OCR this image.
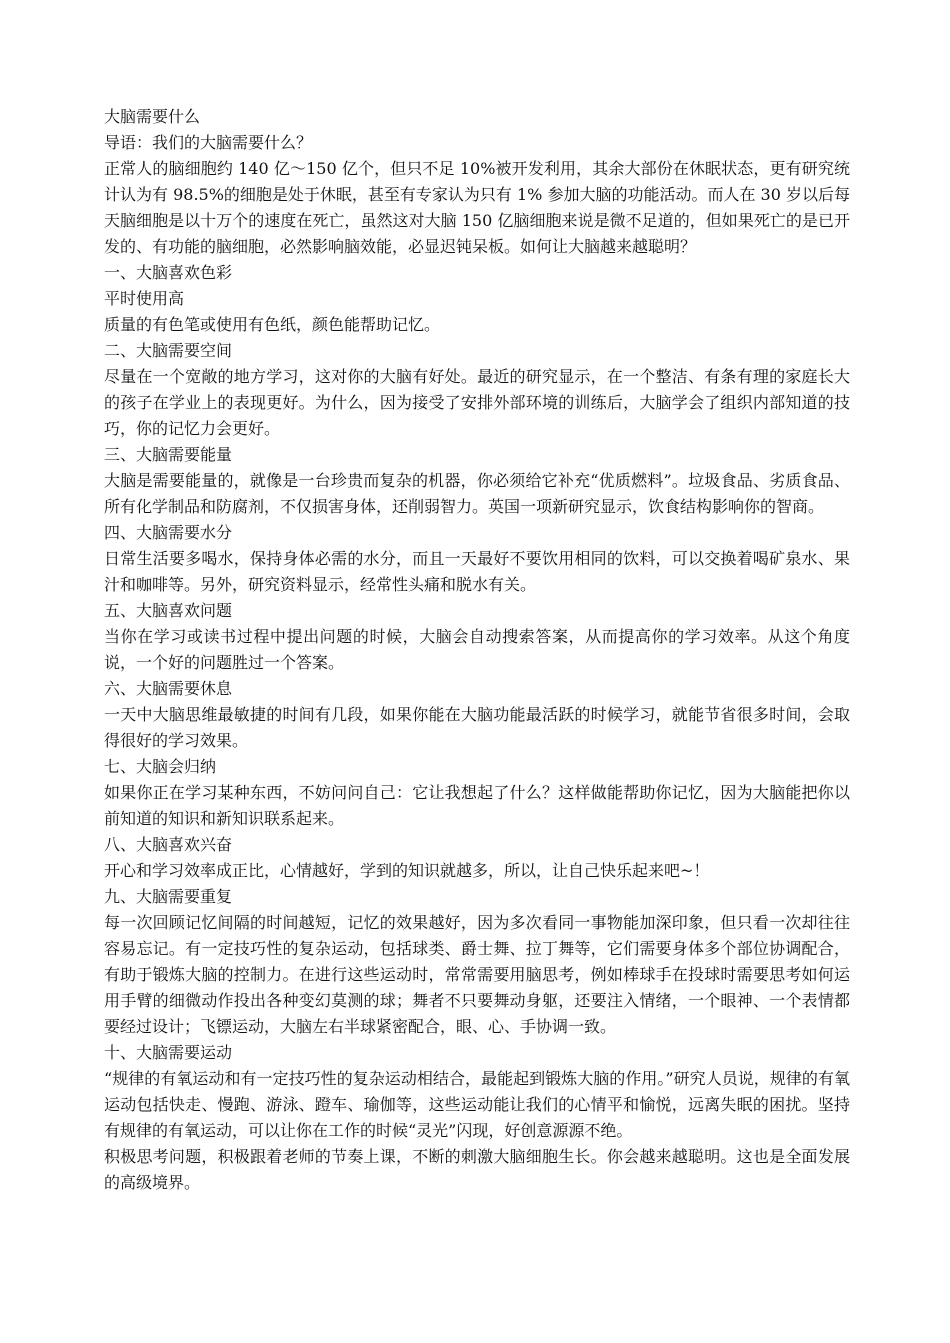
大脑需要什么

导语：我们的大脑需要什么？

正常人的脑细胞约 140 亿～150 亿个，但只不足 10%被开发利用，其余大部份在休眠状态，更有研究统计认为有 98.5%的细胞是处于休眠，甚至有专家认为只有 1% 参加大脑的功能活动。而人在 30 岁以后每天脑细胞是以十万个的速度在死亡，虽然这对大脑 150 亿脑细胞来说是微不足道的，但如果死亡的是已开发的、有功能的脑细胞，必然影响脑效能，必显迟钝呆板。如何让大脑越来越聪明？

一、大脑喜欢色彩

平时使用高

质量的有色笔或使用有色纸，颜色能帮助记忆。

二、大脑需要空间

尽量在一个宽敞的地方学习，这对你的大脑有好处。最近的研究显示，在一个整洁、有条有理的家庭长大的孩子在学业上的表现更好。为什么，因为接受了安排外部环境的训练后，大脑学会了组织内部知道的技巧，你的记忆力会更好。

三、大脑需要能量

大脑是需要能量的，就像是一台珍贵而复杂的机器，你必须给它补充“优质燃料”。垃圾食品、劣质食品、所有化学制品和防腐剂，不仅损害身体，还削弱智力。英国一项新研究显示，饮食结构影响你的智商。

四、大脑需要水分

日常生活要多喝水，保持身体必需的水分，而且一天最好不要饮用相同的饮料，可以交换着喝矿泉水、果汁和咖啡等。另外，研究资料显示，经常性头痛和脱水有关。

五、大脑喜欢问题

当你在学习或读书过程中提出问题的时候，大脑会自动搜索答案，从而提高你的学习效率。从这个角度说，一个好的问题胜过一个答案。

六、大脑需要休息

一天中大脑思维最敏捷的时间有几段，如果你能在大脑功能最活跃的时候学习，就能节省很多时间，会取得很好的学习效果。

七、大脑会归纳

如果你正在学习某种东西，不妨问问自己：它让我想起了什么？这样做能帮助你记忆，因为大脑能把你以前知道的知识和新知识联系起来。

八、大脑喜欢兴奋

开心和学习效率成正比，心情越好，学到的知识就越多，所以，让自己快乐起来吧~！

九、大脑需要重复

每一次回顾记忆间隔的时间越短，记忆的效果越好，因为多次看同一事物能加深印象，但只看一次却往往容易忘记。有一定技巧性的复杂运动，包括球类、爵士舞、拉丁舞等，它们需要身体多个部位协调配合，有助于锻炼大脑的控制力。在进行这些运动时，常常需要用脑思考，例如棒球手在投球时需要思考如何运用手臂的细微动作投出各种变幻莫测的球；舞者不只要舞动身躯，还要注入情绪，一个眼神、一个表情都要经过设计；飞镖运动，大脑左右半球紧密配合，眼、心、手协调一致。

十、大脑需要运动

“规律的有氧运动和有一定技巧性的复杂运动相结合，最能起到锻炼大脑的作用。”研究人员说，规律的有氧运动包括快走、慢跑、游泳、蹬车、瑜伽等，这些运动能让我们的心情平和愉悦，远离失眠的困扰。坚持有规律的有氧运动，可以让你在工作的时候“灵光”闪现，好创意源源不绝。

积极思考问题，积极跟着老师的节奏上课，不断的刺激大脑细胞生长。你会越来越聪明。这也是全面发展的高级境界。
